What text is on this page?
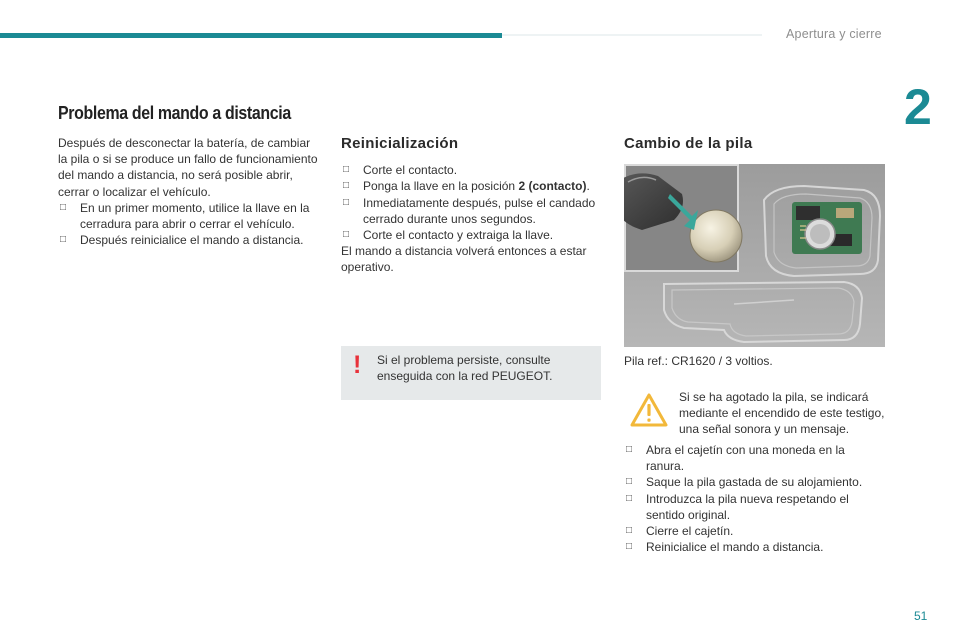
Apertura y cierre
2
Problema del mando a distancia

Después de desconectar la batería, de cambiar la pila o si se produce un fallo de funcionamiento del mando a distancia, no será posible abrir, cerrar o localizar el vehículo.

□ En un primer momento, utilice la llave en la cerradura para abrir o cerrar el vehículo.
□ Después reinicialice el mando a distancia.
Reinicialización
□ Corte el contacto.
□ Ponga la llave en la posición 2 (contacto).
□ Inmediatamente después, pulse el candado cerrado durante unos segundos.
□ Corte el contacto y extraiga la llave.

El mando a distancia volverá entonces a estar operativo.

! Si el problema persiste, consulte enseguida con la red PEUGEOT.
Cambio de la pila
Pila ref.: CR1620 / 3 voltios.
Si se ha agotado la pila, se indicará mediante el encendido de este testigo, una señal sonora y un mensaje.
□ Abra el cajetín con una moneda en la ranura.
□ Saque la pila gastada de su alojamiento.
□ Introduzca la pila nueva respetando el sentido original.
□ Cierre el cajetín.
□ Reinicialice el mando a distancia.
51
